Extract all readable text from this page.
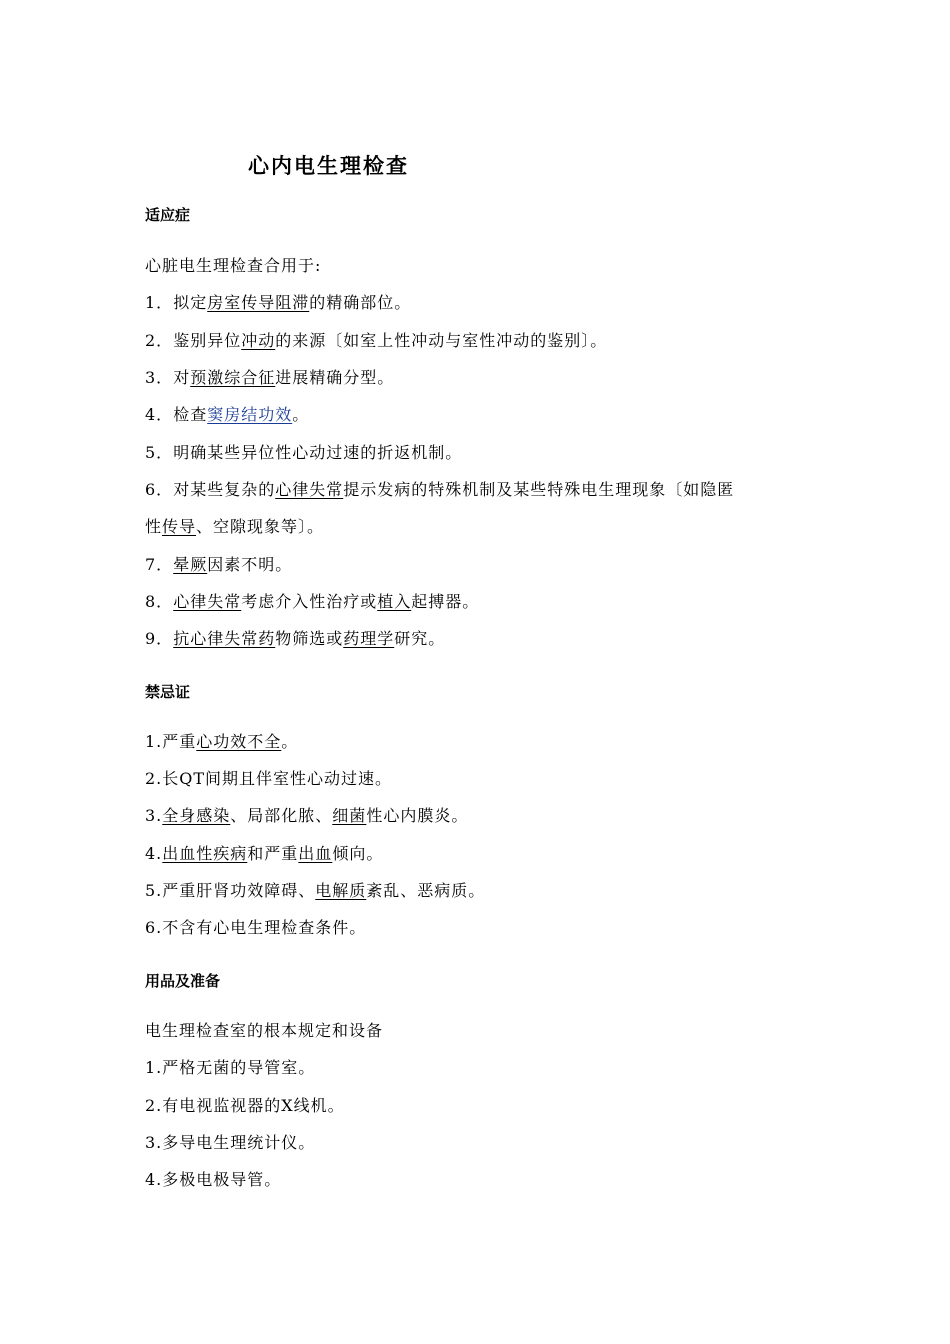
心内电生理检查
适应症
心脏电生理检查合用于:
1．拟定房室传导阻滞的精确部位。
2．鉴别异位冲动的来源〔如室上性冲动与室性冲动的鉴别〕。
3．对预激综合征进展精确分型。
4．检查窦房结功效。
5．明确某些异位性心动过速的折返机制。
6．对某些复杂的心律失常提示发病的特殊机制及某些特殊电生理现象〔如隐匿
性传导、空隙现象等〕。
7．晕厥因素不明。
8．心律失常考虑介入性治疗或植入起搏器。
9．抗心律失常药物筛选或药理学研究。
禁忌证
1.严重心功效不全。
2.长QT间期且伴室性心动过速。
3.全身感染、局部化脓、细菌性心内膜炎。
4.出血性疾病和严重出血倾向。
5.严重肝肾功效障碍、电解质紊乱、恶病质。
6.不含有心电生理检查条件。
用品及准备
电生理检查室的根本规定和设备
1.严格无菌的导管室。
2.有电视监视器的X线机。
3.多导电生理统计仪。
4.多极电极导管。
